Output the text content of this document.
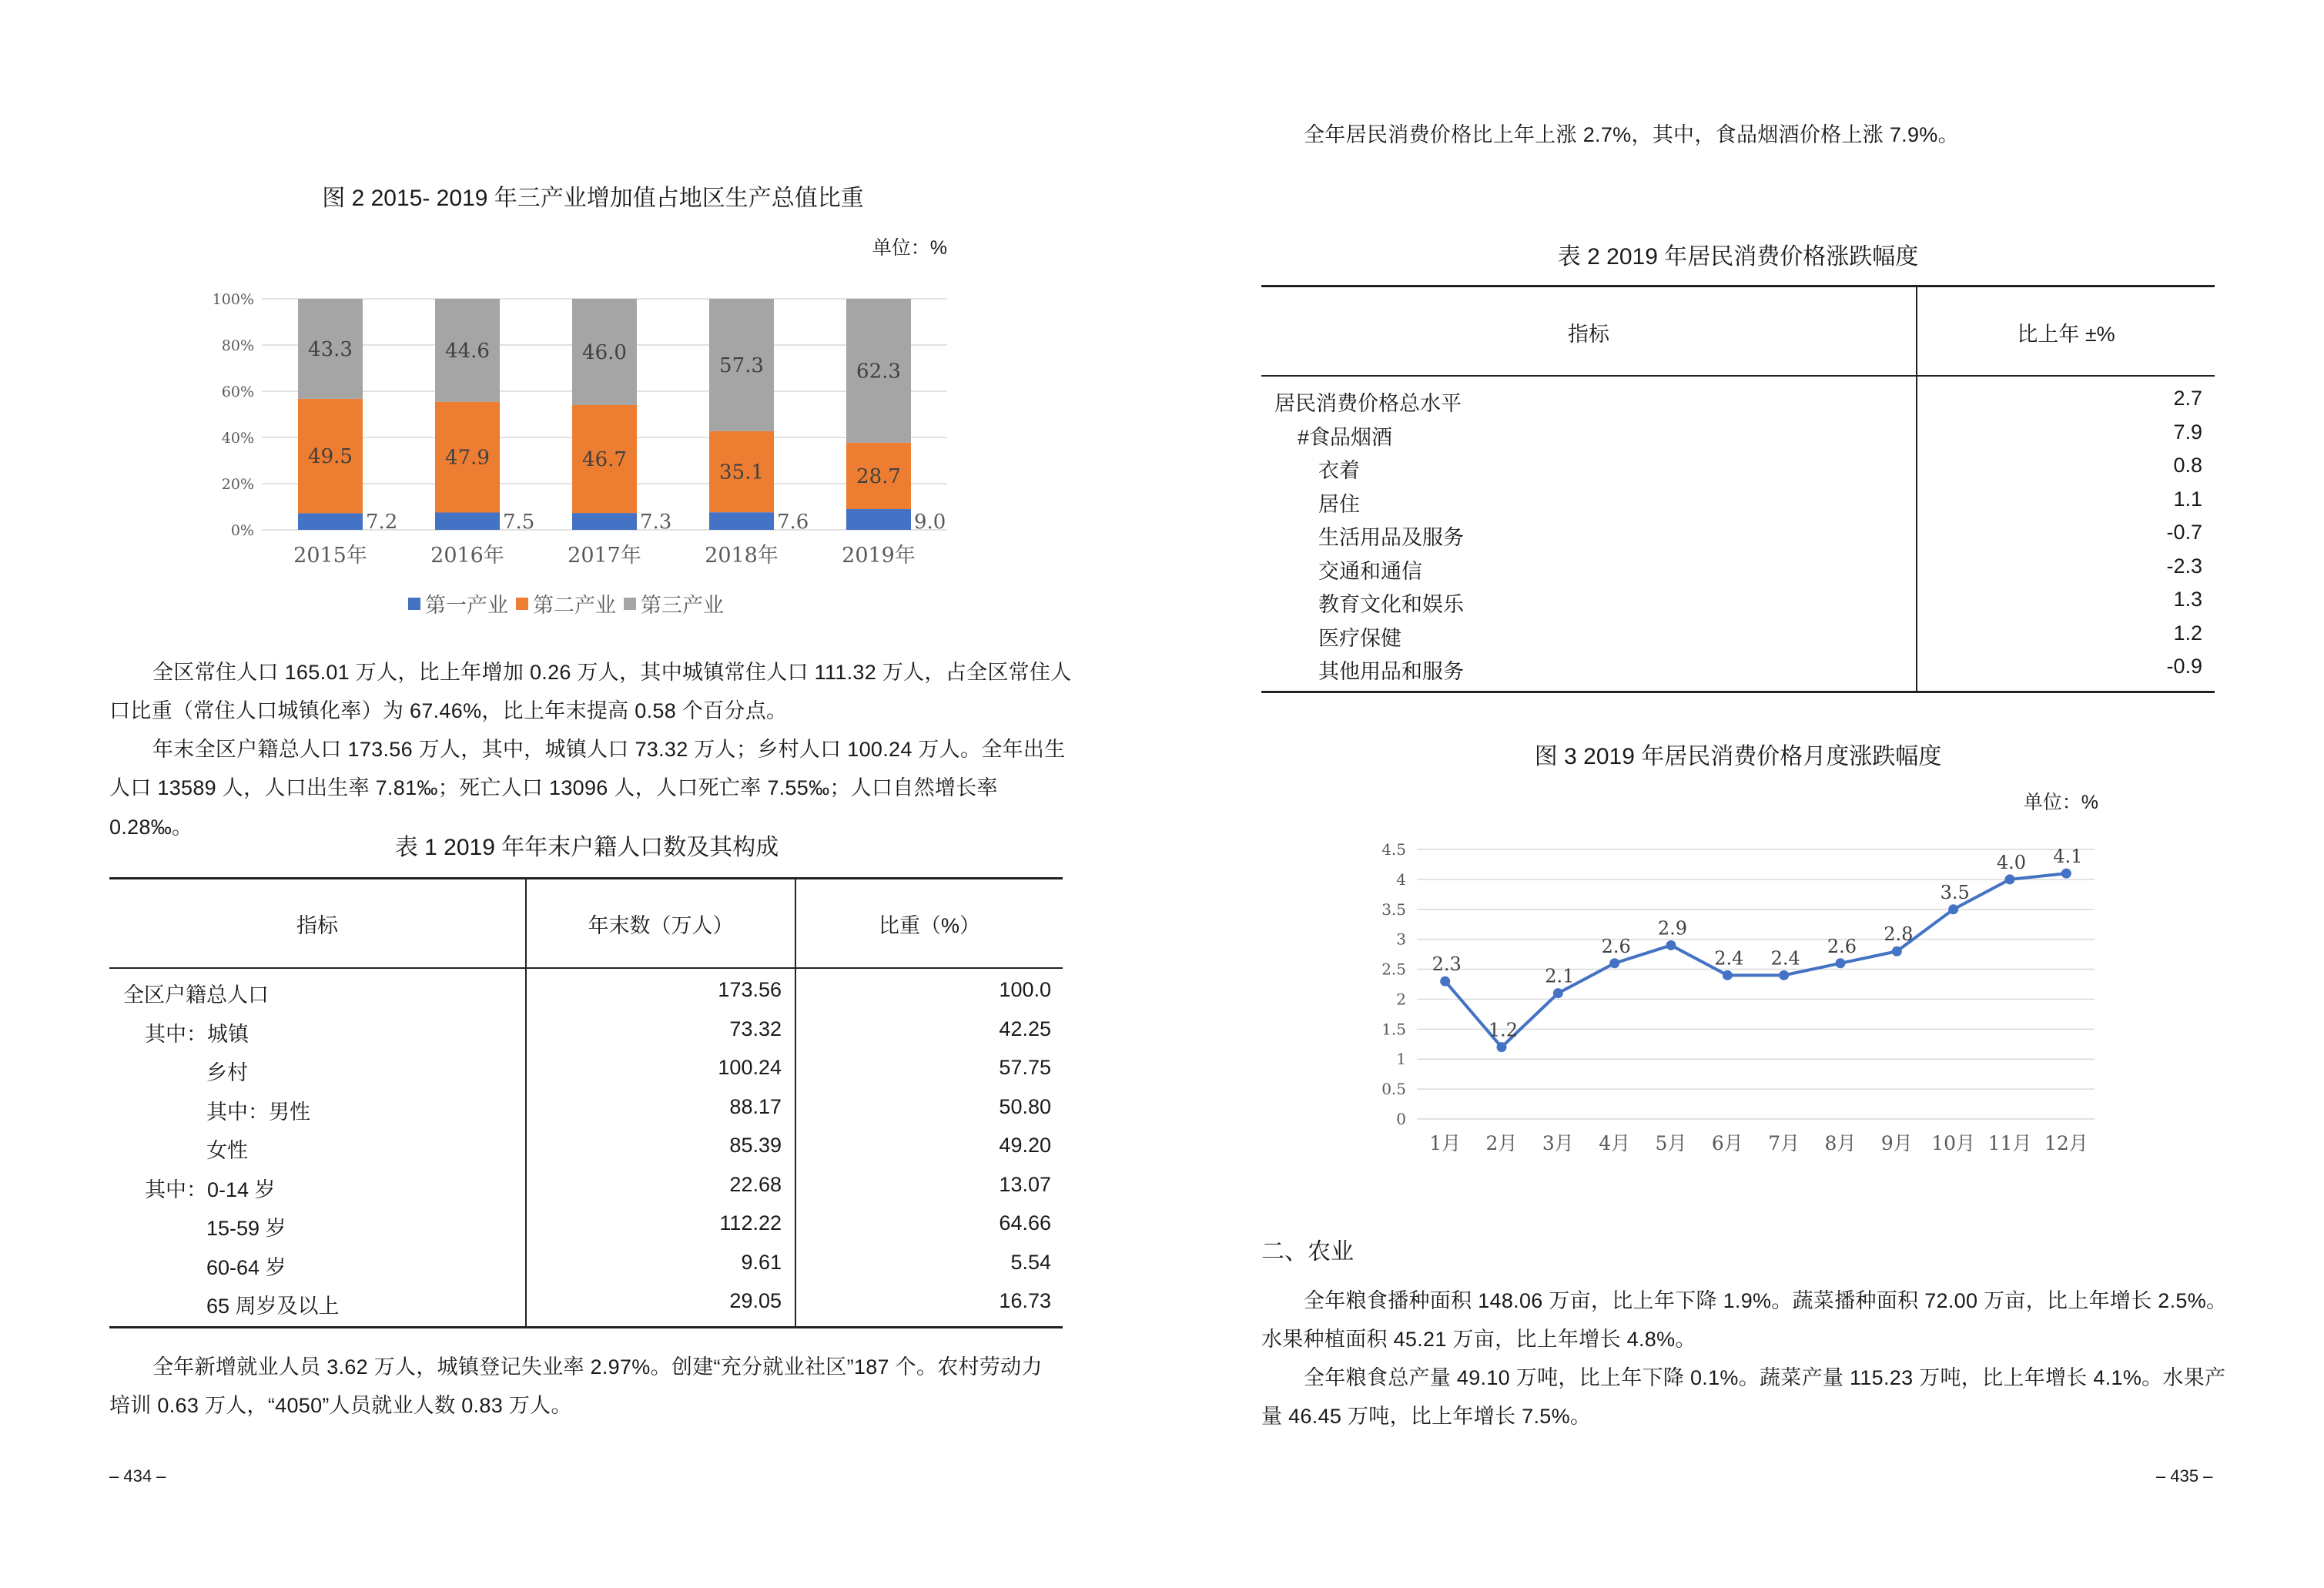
图 2 2015- 2019 年三产业增加值占地区生产总值比重
单位：%
0%
20%
40%
60%
80%
100%
7.2
49.5
43.3
7.5
47.9
44.6
7.3
46.7
46.0
7.6
35.1
57.3
9.0
28.7
62.3
2015年	2016年	2017年	2018年	2019年
第一产业 第二产业 第三产业
全区常住人口 165.01 万人，比上年增加 0.26 万人，其中城镇常住人口 111.32 万人，占全区常住人
口比重（常住人口城镇化率）为 67.46%，比上年末提高 0.58 个百分点。
年末全区户籍总人口 173.56 万人，其中，城镇人口 73.32 万人；乡村人口 100.24 万人。全年出生
人口 13589 人，人口出生率 7.81‰；死亡人口 13096 人，人口死亡率 7.55‰；人口自然增长率 0.28‰。
表 1 2019 年年末户籍人口数及其构成
指标	年末数（万人）	比重（%）
全区户籍总人口	173.56	100.0
其中：城镇	73.32	42.25
乡村	100.24	57.75
其中：男性	88.17	50.80
女性	85.39	49.20
其中：0-14 岁	22.68	13.07
15-59 岁	112.22	64.66
60-64 岁	9.61	5.54
65 周岁及以上	29.05	16.73
全年新增就业人员 3.62 万人，城镇登记失业率 2.97%。创建“充分就业社区”187 个。农村劳动力
培训 0.63 万人，“4050”人员就业人数 0.83 万人。
– 434 –
全年居民消费价格比上年上涨 2.7%，其中，食品烟酒价格上涨 7.9%。
表 2 2019 年居民消费价格涨跌幅度
指标	比上年 ±%
居民消费价格总水平	2.7
#食品烟酒	7.9
衣着	0.8
居住	1.1
生活用品及服务	-0.7
交通和通信	-2.3
教育文化和娱乐	1.3
医疗保健	1.2
其他用品和服务	-0.9
图 3 2019 年居民消费价格月度涨跌幅度
单位：%
0
0.5
1
1.5
2
2.5
3
3.5
4
4.5
2.3
1.2
2.1
2.6
2.9
2.4 2.4
2.6
2.8
3.5
4.0 4.1
1月 2月 3月 4月 5月 6月 7月 8月 9月 10月 11月 12月
二、农业
全年粮食播种面积 148.06 万亩，比上年下降 1.9%。蔬菜播种面积 72.00 万亩，比上年增长 2.5%。
水果种植面积 45.21 万亩，比上年增长 4.8%。
全年粮食总产量 49.10 万吨，比上年下降 0.1%。蔬菜产量 115.23 万吨，比上年增长 4.1%。水果产
量 46.45 万吨，比上年增长 7.5%。
– 435 –
